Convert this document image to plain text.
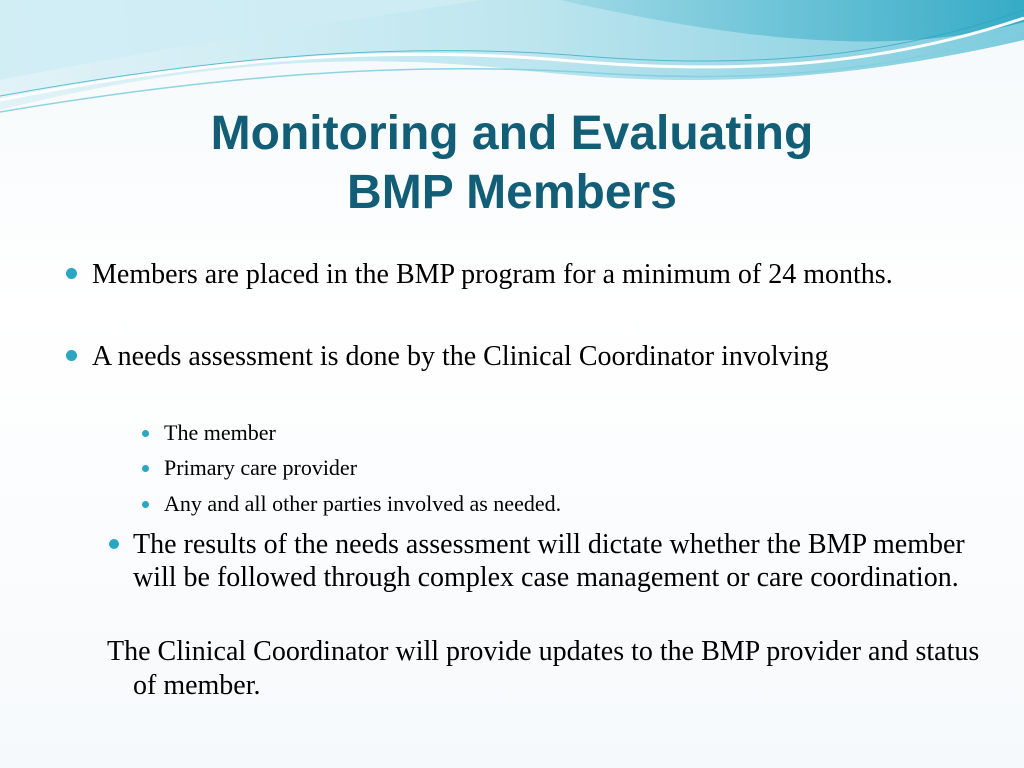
Monitoring and Evaluating
BMP Members

Members are placed in the BMP program for a minimum of 24 months.

A needs assessment is done by the Clinical Coordinator involving

The member

Primary care provider

Any and all other parties involved as needed.

The results of the needs assessment will dictate whether the BMP member will be followed through complex case management or care coordination.

The Clinical Coordinator will provide updates to the BMP provider and status of member.
